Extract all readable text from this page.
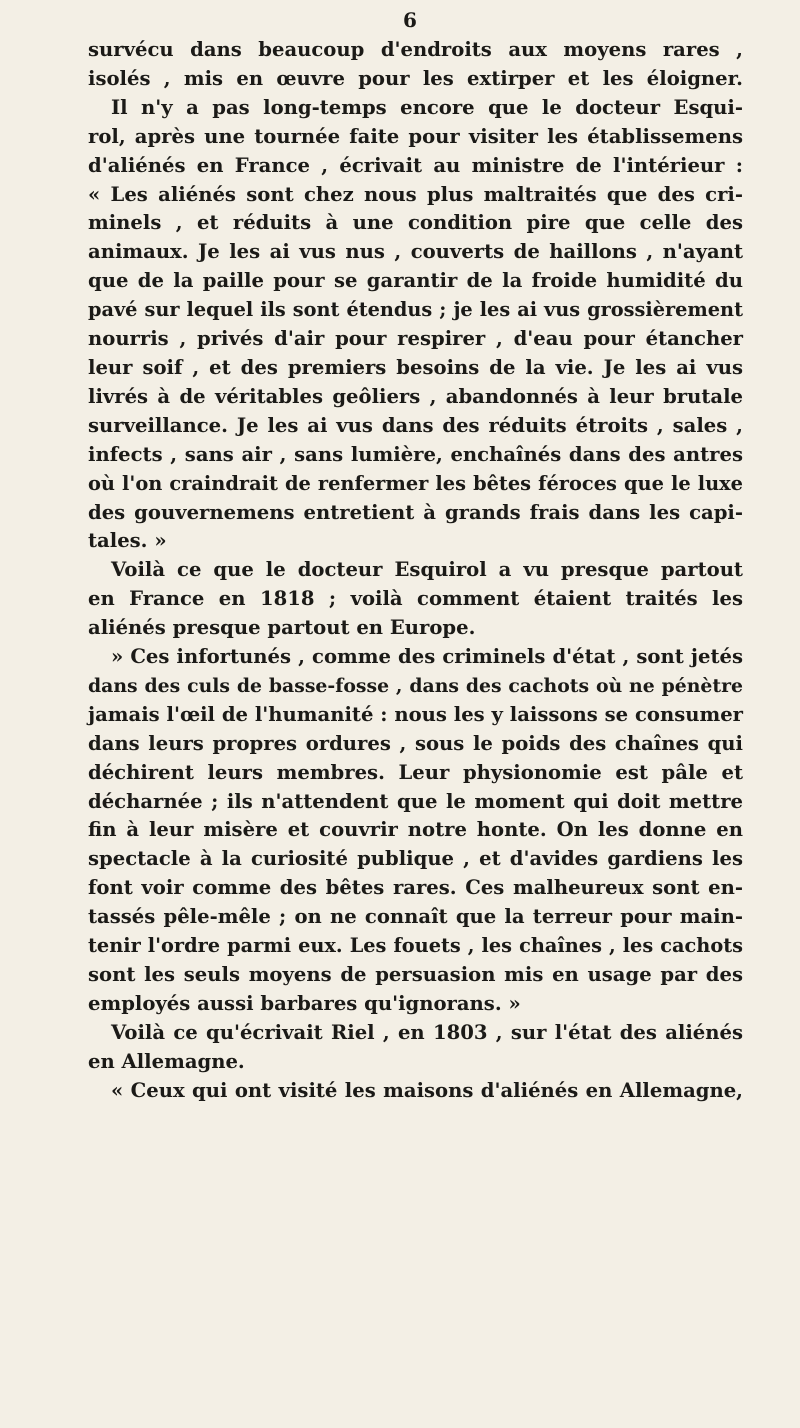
6
survécu dans beaucoup d'endroits aux moyens rares ,
isolés , mis en œuvre pour les extirper et les éloigner.
Il n'y a pas long-temps encore que le docteur Esqui-
rol, après une tournée faite pour visiter les établissemens
d'aliénés en France , écrivait au ministre de l'intérieur :
« Les aliénés sont chez nous plus maltraités que des cri-
minels , et réduits à une condition pire que celle des
animaux. Je les ai vus nus , couverts de haillons , n'ayant
que de la paille pour se garantir de la froide humidité du
pavé sur lequel ils sont étendus ; je les ai vus grossièrement
nourris , privés d'air pour respirer , d'eau pour étancher
leur soif , et des premiers besoins de la vie. Je les ai vus
livrés à de véritables geôliers , abandonnés à leur brutale
surveillance. Je les ai vus dans des réduits étroits , sales ,
infects , sans air , sans lumière, enchaînés dans des antres
où l'on craindrait de renfermer les bêtes féroces que le luxe
des gouvernemens entretient à grands frais dans les capi-
tales. »
Voilà ce que le docteur Esquirol a vu presque partout
en France en 1818 ; voilà comment étaient traités les
aliénés presque partout en Europe.
» Ces infortunés , comme des criminels d'état , sont jetés
dans des culs de basse-fosse , dans des cachots où ne pénètre
jamais l'œil de l'humanité : nous les y laissons se consumer
dans leurs propres ordures , sous le poids des chaînes qui
déchirent leurs membres. Leur physionomie est pâle et
décharnée ; ils n'attendent que le moment qui doit mettre
fin à leur misère et couvrir notre honte. On les donne en
spectacle à la curiosité publique , et d'avides gardiens les
font voir comme des bêtes rares. Ces malheureux sont en-
tassés pêle-mêle ; on ne connaît que la terreur pour main-
tenir l'ordre parmi eux. Les fouets , les chaînes , les cachots
sont les seuls moyens de persuasion mis en usage par des
employés aussi barbares qu'ignorans. »
Voilà ce qu'écrivait Riel , en 1803 , sur l'état des aliénés
en Allemagne.
« Ceux qui ont visité les maisons d'aliénés en Allemagne,
